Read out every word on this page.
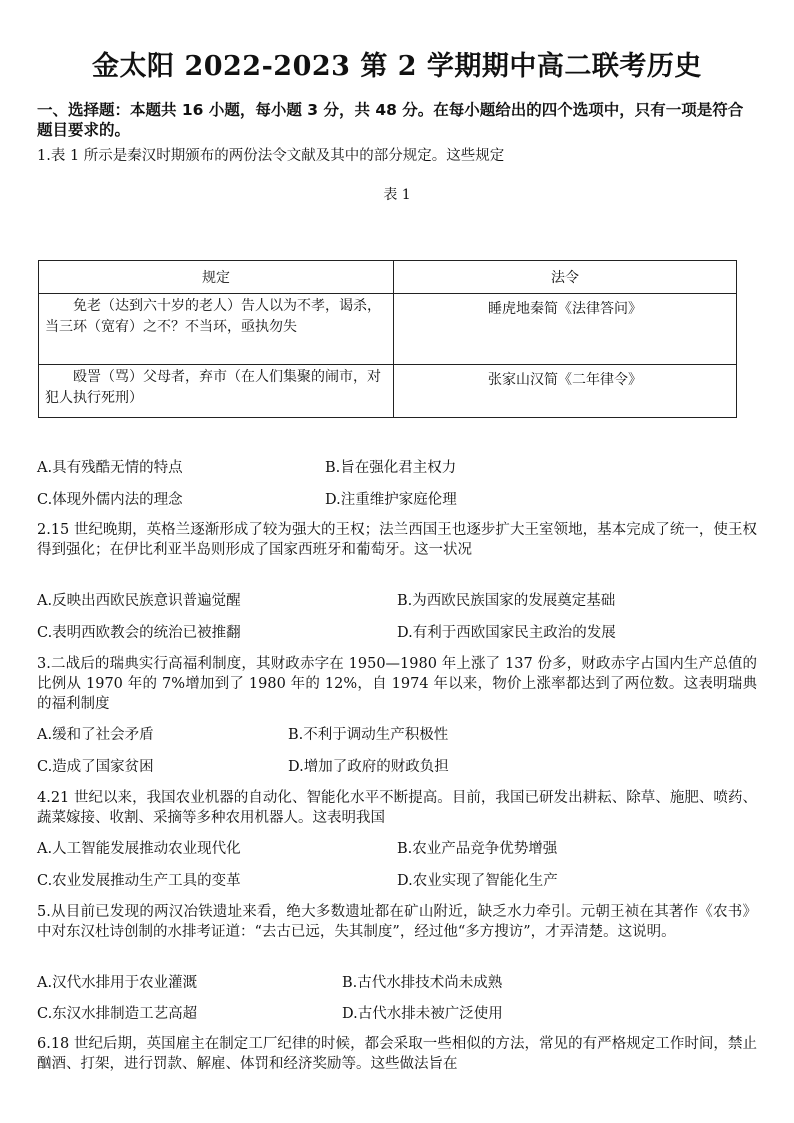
金太阳 2022-2023 第 2 学期期中高二联考历史
一、选择题：本题共 16 小题，每小题 3 分，共 48 分。在每小题给出的四个选项中，只有一项是符合题目要求的。
1.表 1 所示是秦汉时期颁布的两份法令文献及其中的部分规定。这些规定
表 1
规定	法令
免老（达到六十岁的老人）告人以为不孝，谒杀，当三环（宽宥）之不？不当环，亟执勿失	睡虎地秦简《法律答问》
殴詈（骂）父母者，弃市（在人们集聚的闹市，对犯人执行死刑）	张家山汉简《二年律令》
A.具有残酷无情的特点	B.旨在强化君主权力
C.体现外儒内法的理念	D.注重维护家庭伦理
2.15 世纪晚期，英格兰逐渐形成了较为强大的王权；法兰西国王也逐步扩大王室领地，基本完成了统一，使王权得到强化；在伊比利亚半岛则形成了国家西班牙和葡萄牙。这一状况
A.反映出西欧民族意识普遍觉醒	B.为西欧民族国家的发展奠定基础
C.表明西欧教会的统治已被推翻	D.有利于西欧国家民主政治的发展
3.二战后的瑞典实行高福利制度，其财政赤字在 1950—1980 年上涨了 137 份多，财政赤字占国内生产总值的比例从 1970 年的 7%增加到了 1980 年的 12%，自 1974 年以来，物价上涨率都达到了两位数。这表明瑞典的福利制度
A.缓和了社会矛盾	B.不利于调动生产积极性
C.造成了国家贫困	D.增加了政府的财政负担
4.21 世纪以来，我国农业机器的自动化、智能化水平不断提高。目前，我国已研发出耕耘、除草、施肥、喷药、蔬菜嫁接、收割、采摘等多种农用机器人。这表明我国
A.人工智能发展推动农业现代化	B.农业产品竞争优势增强
C.农业发展推动生产工具的变革	D.农业实现了智能化生产
5.从目前已发现的两汉冶铁遗址来看，绝大多数遗址都在矿山附近，缺乏水力牵引。元朝王祯在其著作《农书》中对东汉杜诗创制的水排考证道：“去古已远，失其制度”，经过他“多方搜访”，才弄清楚。这说明。
A.汉代水排用于农业灌溉	B.古代水排技术尚未成熟
C.东汉水排制造工艺高超	D.古代水排未被广泛使用
6.18 世纪后期，英国雇主在制定工厂纪律的时候，都会采取一些相似的方法，常见的有严格规定工作时间，禁止酗酒、打架，进行罚款、解雇、体罚和经济奖励等。这些做法旨在
